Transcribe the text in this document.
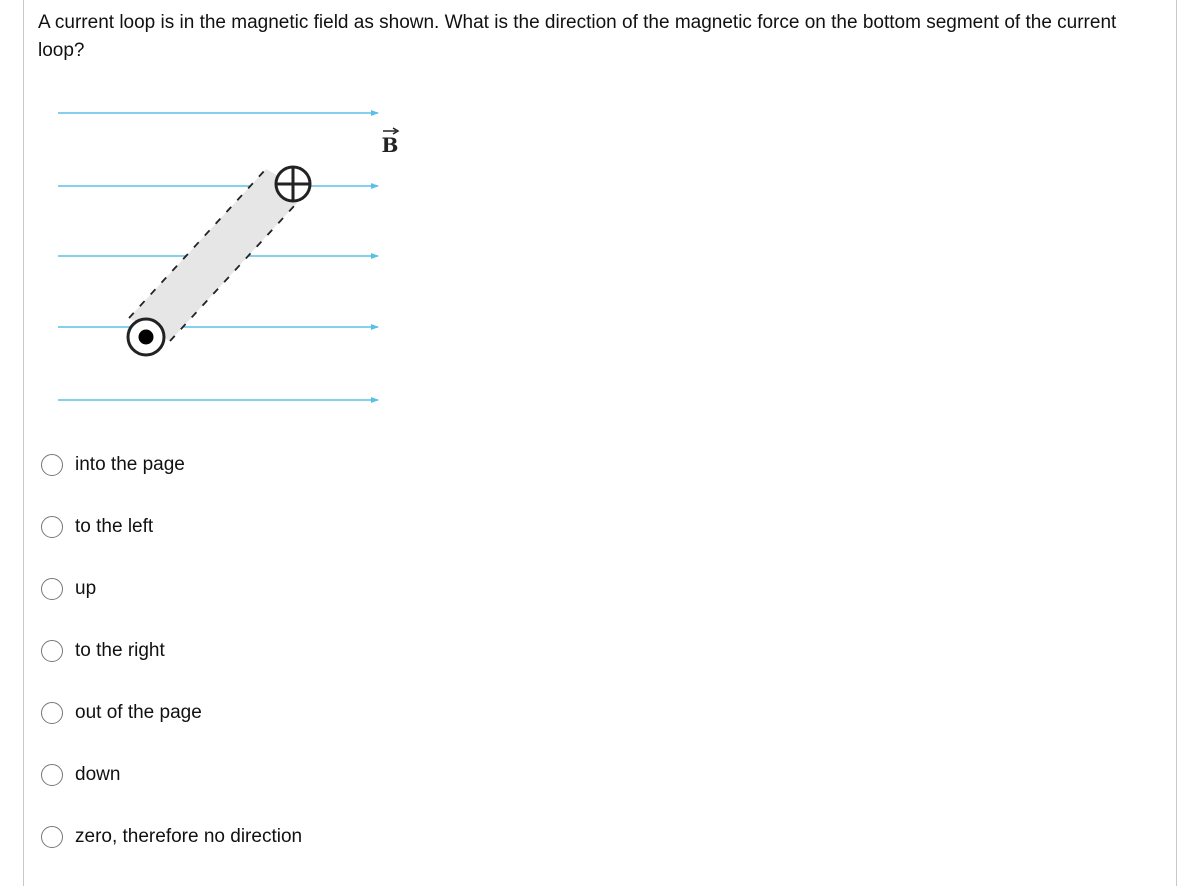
A current loop is in the magnetic field as shown. What is the direction of the magnetic force on the bottom segment of the current loop?

B
into the page
to the left
up
to the right
out of the page
down
zero, therefore no direction
